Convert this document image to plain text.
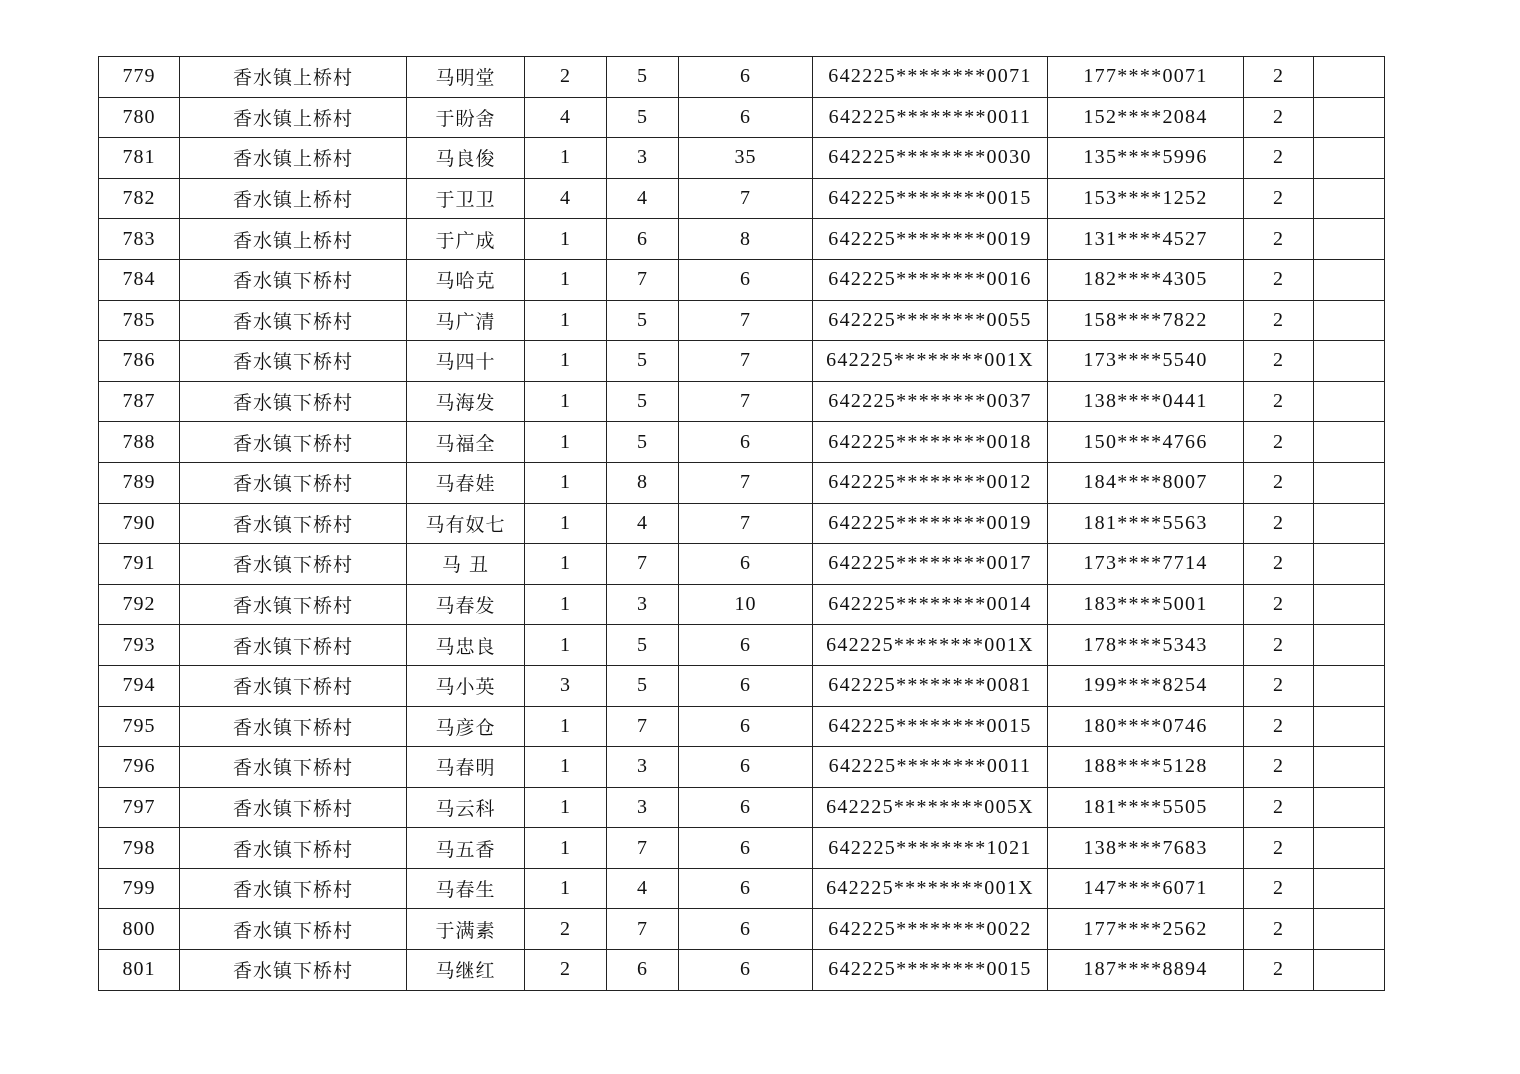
779	香水镇上桥村	马明堂	2	5	6	642225********0071	177****0071	2	
780	香水镇上桥村	于盼舍	4	5	6	642225********0011	152****2084	2	
781	香水镇上桥村	马良俊	1	3	35	642225********0030	135****5996	2	
782	香水镇上桥村	于卫卫	4	4	7	642225********0015	153****1252	2	
783	香水镇上桥村	于广成	1	6	8	642225********0019	131****4527	2	
784	香水镇下桥村	马哈克	1	7	6	642225********0016	182****4305	2	
785	香水镇下桥村	马广清	1	5	7	642225********0055	158****7822	2	
786	香水镇下桥村	马四十	1	5	7	642225********001X	173****5540	2	
787	香水镇下桥村	马海发	1	5	7	642225********0037	138****0441	2	
788	香水镇下桥村	马福全	1	5	6	642225********0018	150****4766	2	
789	香水镇下桥村	马春娃	1	8	7	642225********0012	184****8007	2	
790	香水镇下桥村	马有奴七	1	4	7	642225********0019	181****5563	2	
791	香水镇下桥村	马 丑	1	7	6	642225********0017	173****7714	2	
792	香水镇下桥村	马春发	1	3	10	642225********0014	183****5001	2	
793	香水镇下桥村	马忠良	1	5	6	642225********001X	178****5343	2	
794	香水镇下桥村	马小英	3	5	6	642225********0081	199****8254	2	
795	香水镇下桥村	马彦仓	1	7	6	642225********0015	180****0746	2	
796	香水镇下桥村	马春明	1	3	6	642225********0011	188****5128	2	
797	香水镇下桥村	马云科	1	3	6	642225********005X	181****5505	2	
798	香水镇下桥村	马五香	1	7	6	642225********1021	138****7683	2	
799	香水镇下桥村	马春生	1	4	6	642225********001X	147****6071	2	
800	香水镇下桥村	于满素	2	7	6	642225********0022	177****2562	2	
801	香水镇下桥村	马继红	2	6	6	642225********0015	187****8894	2	
